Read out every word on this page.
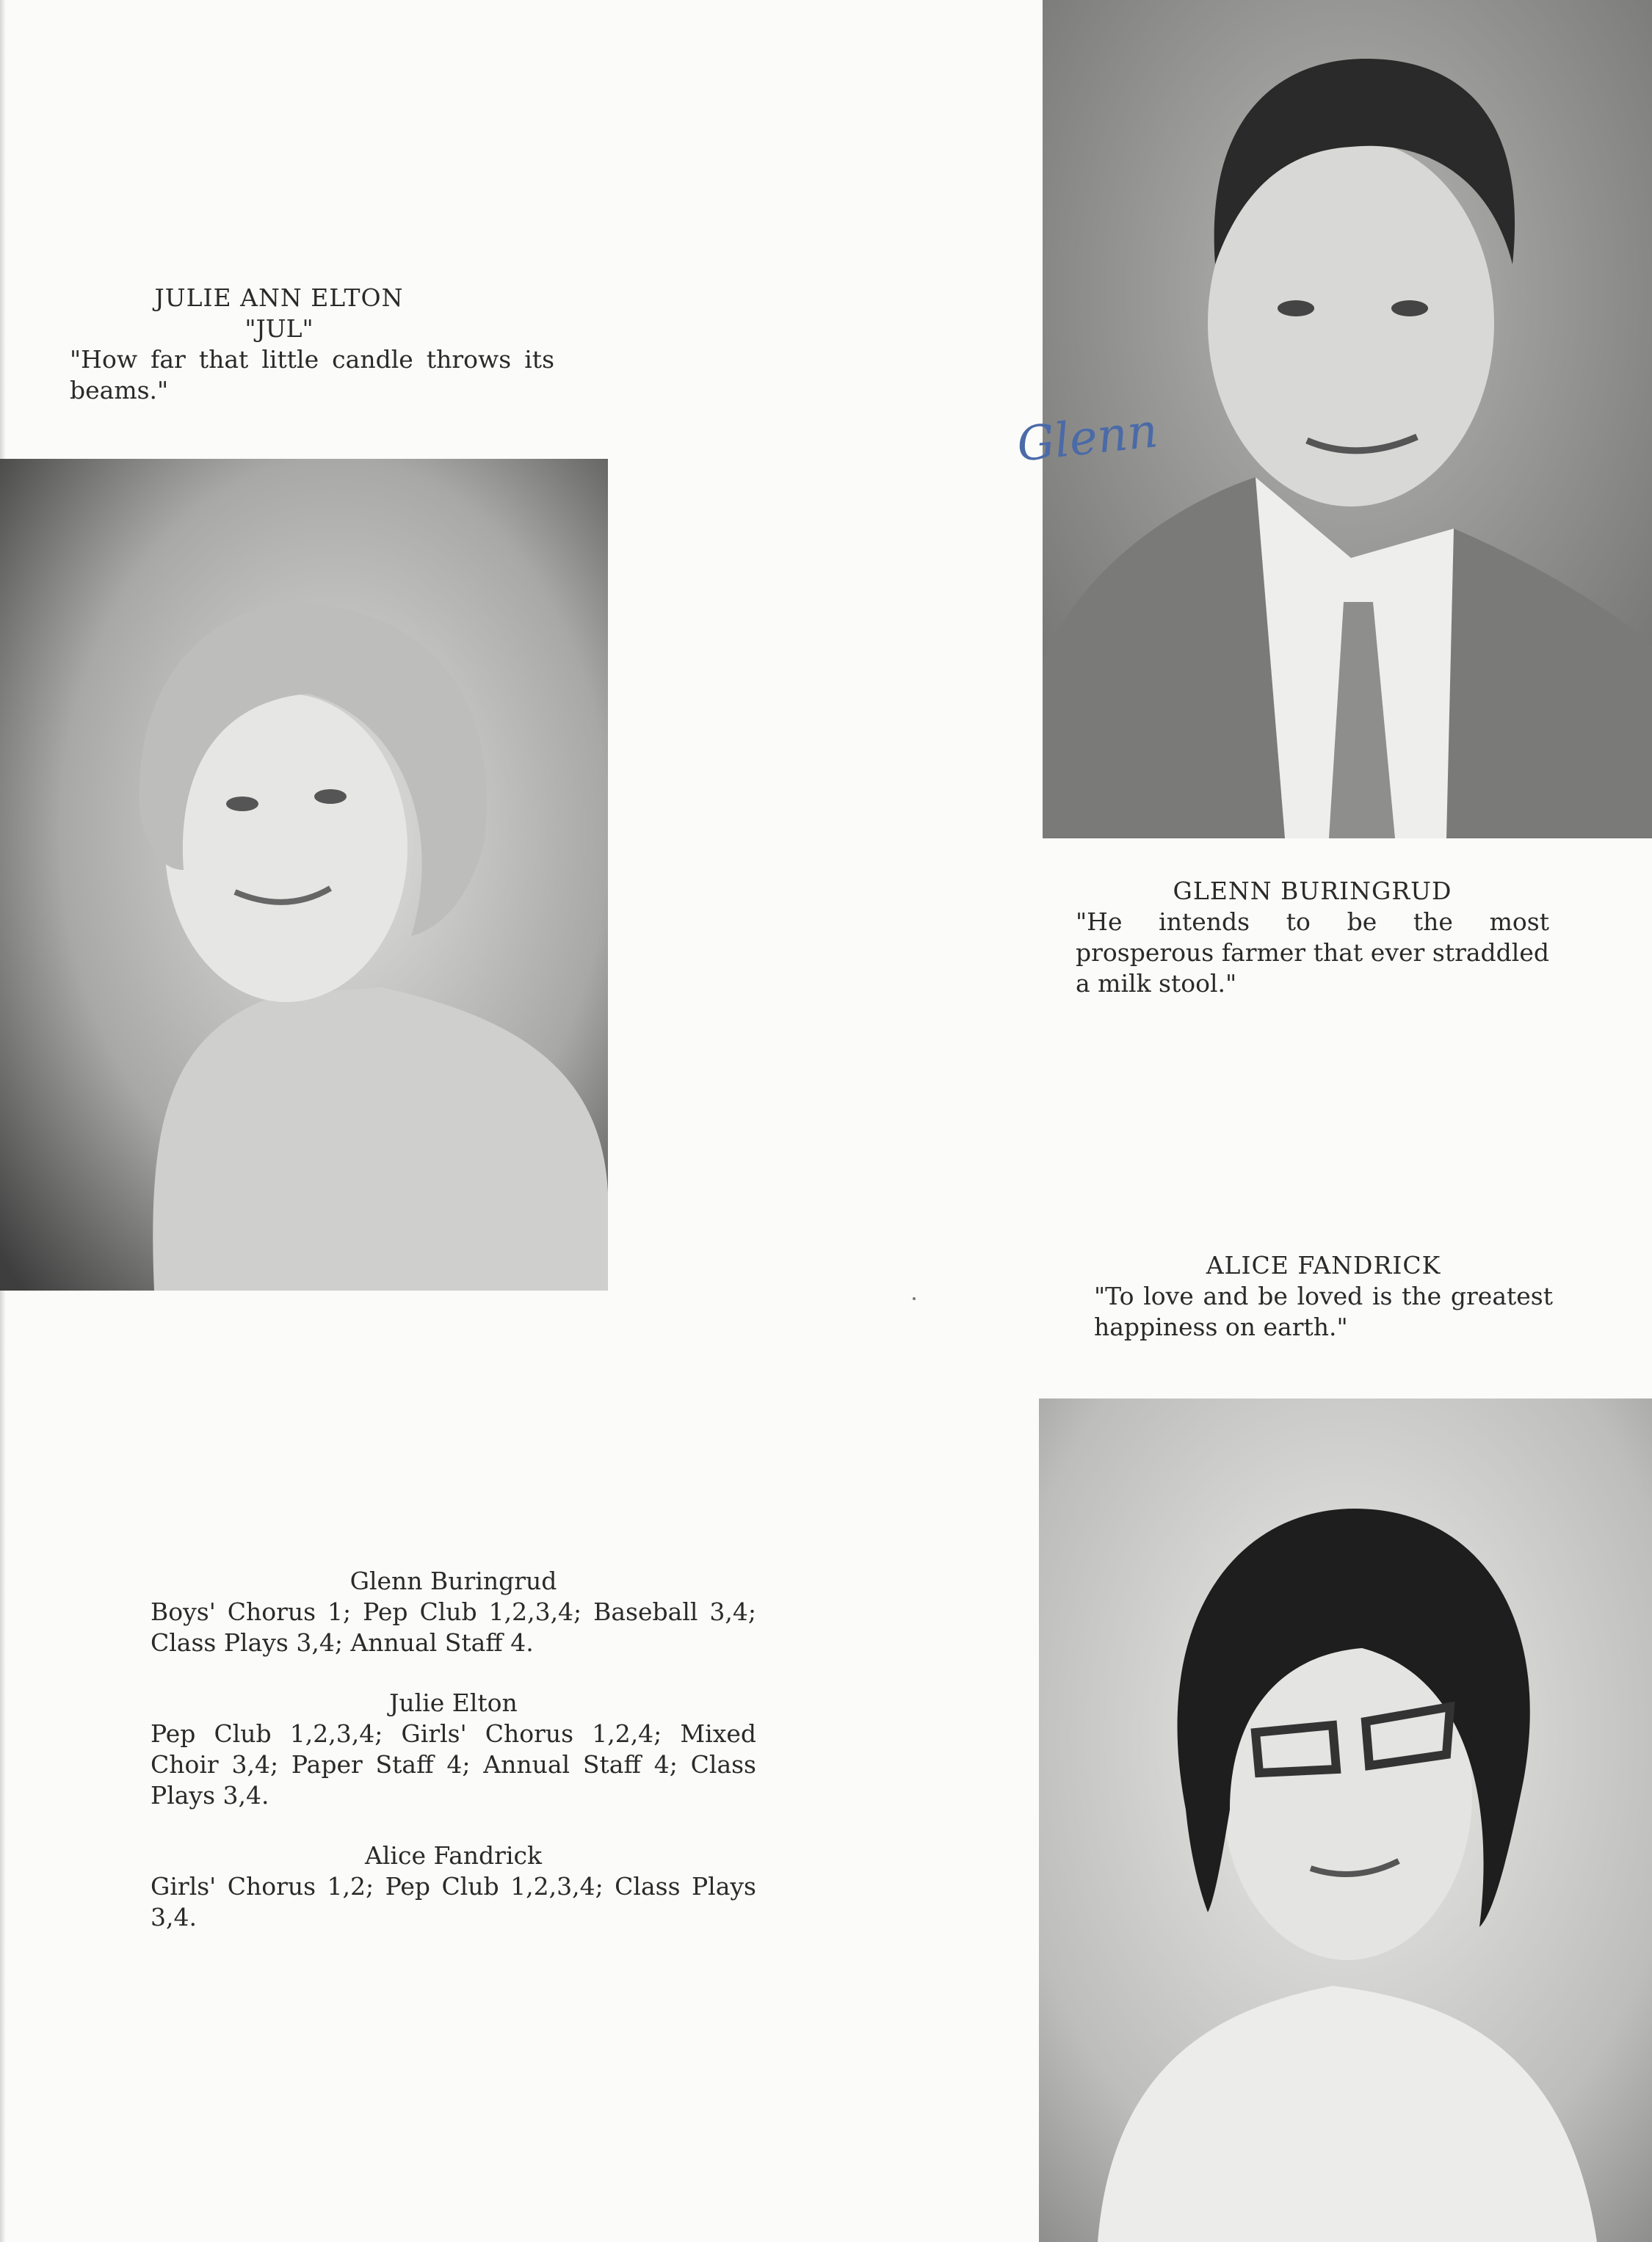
JULIE ANN ELTON
"JUL"
"How far that little candle throws its beams."
Glenn
GLENN BURINGRUD
"He intends to be the most prosperous farmer that ever straddled a milk stool."
ALICE FANDRICK
"To love and be loved is the greatest happiness on earth."
Glenn Buringrud
Boys' Chorus 1; Pep Club 1,2,3,4; Baseball 3,4; Class Plays 3,4; Annual Staff 4.
Julie Elton
Pep Club 1,2,3,4; Girls' Chorus 1,2,4; Mixed Choir 3,4; Paper Staff 4; Annual Staff 4; Class Plays 3,4.
Alice Fandrick
Girls' Chorus 1,2; Pep Club 1,2,3,4; Class Plays 3,4.
